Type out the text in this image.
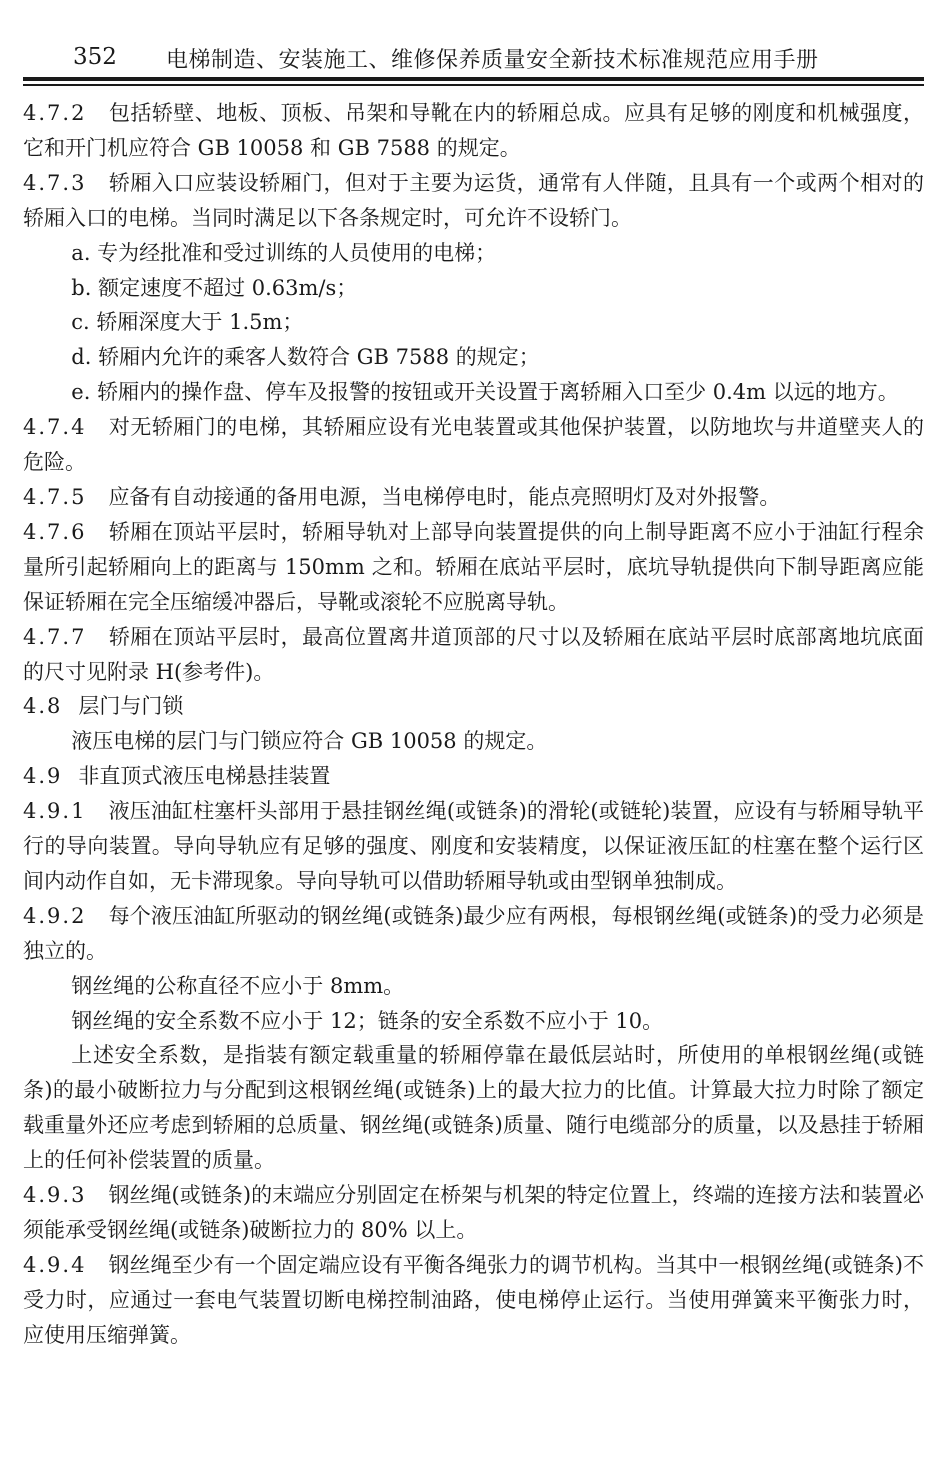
352 电梯制造、安装施工、维修保养质量安全新技术标准规范应用手册

4.7.2 包括轿壁、地板、顶板、吊架和导靴在内的轿厢总成。应具有足够的刚度和机械强度，它和开门机应符合 GB 10058 和 GB 7588 的规定。

4.7.3 轿厢入口应装设轿厢门，但对于主要为运货，通常有人伴随，且具有一个或两个相对的轿厢入口的电梯。当同时满足以下各条规定时，可允许不设轿门。

a. 专为经批准和受过训练的人员使用的电梯；

b. 额定速度不超过 0.63m/s；

c. 轿厢深度大于 1.5m；

d. 轿厢内允许的乘客人数符合 GB 7588 的规定；

e. 轿厢内的操作盘、停车及报警的按钮或开关设置于离轿厢入口至少 0.4m 以远的地方。

4.7.4 对无轿厢门的电梯，其轿厢应设有光电装置或其他保护装置，以防地坎与井道壁夹人的危险。

4.7.5 应备有自动接通的备用电源，当电梯停电时，能点亮照明灯及对外报警。

4.7.6 轿厢在顶站平层时，轿厢导轨对上部导向装置提供的向上制导距离不应小于油缸行程余量所引起轿厢向上的距离与 150mm 之和。轿厢在底站平层时，底坑导轨提供向下制导距离应能保证轿厢在完全压缩缓冲器后，导靴或滚轮不应脱离导轨。

4.7.7 轿厢在顶站平层时，最高位置离井道顶部的尺寸以及轿厢在底站平层时底部离地坑底面的尺寸见附录 H(参考件)。

4.8 层门与门锁

液压电梯的层门与门锁应符合 GB 10058 的规定。

4.9 非直顶式液压电梯悬挂装置

4.9.1 液压油缸柱塞杆头部用于悬挂钢丝绳(或链条)的滑轮(或链轮)装置，应设有与轿厢导轨平行的导向装置。导向导轨应有足够的强度、刚度和安装精度，以保证液压缸的柱塞在整个运行区间内动作自如，无卡滞现象。导向导轨可以借助轿厢导轨或由型钢单独制成。

4.9.2 每个液压油缸所驱动的钢丝绳(或链条)最少应有两根，每根钢丝绳(或链条)的受力必须是独立的。

钢丝绳的公称直径不应小于 8mm。

钢丝绳的安全系数不应小于 12；链条的安全系数不应小于 10。

上述安全系数，是指装有额定载重量的轿厢停靠在最低层站时，所使用的单根钢丝绳(或链条)的最小破断拉力与分配到这根钢丝绳(或链条)上的最大拉力的比值。计算最大拉力时除了额定载重量外还应考虑到轿厢的总质量、钢丝绳(或链条)质量、随行电缆部分的质量，以及悬挂于轿厢上的任何补偿装置的质量。

4.9.3 钢丝绳(或链条)的末端应分别固定在桥架与机架的特定位置上，终端的连接方法和装置必须能承受钢丝绳(或链条)破断拉力的 80% 以上。

4.9.4 钢丝绳至少有一个固定端应设有平衡各绳张力的调节机构。当其中一根钢丝绳(或链条)不受力时，应通过一套电气装置切断电梯控制油路，使电梯停止运行。当使用弹簧来平衡张力时，应使用压缩弹簧。
